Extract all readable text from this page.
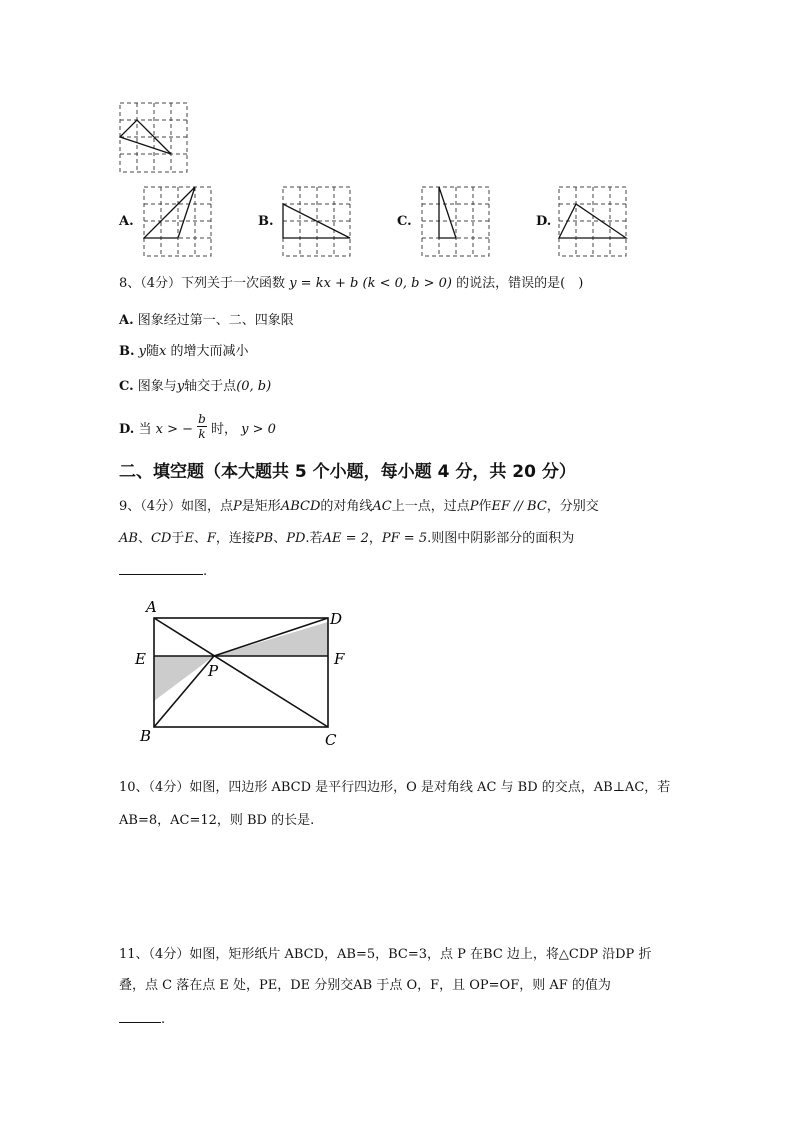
A.	B.	C.	D.
8、（4分）下列关于一次函数 y = kx + b (k < 0, b > 0) 的说法，错误的是(　)
A. 图象经过第一、二、四象限
B. y随x 的增大而减小
C. 图象与y轴交于点(0, b)
D. 当 x > − $\frac{b}{k}$ 时， y > 0
二、填空题（本大题共 5 个小题，每小题 4 分，共 20 分）
9、（4分）如图，点P是矩形ABCD的对角线AC上一点，过点P作EF // BC，分别交
AB、CD于E、F，连接PB、PD.若AE = 2，PF = 5.则图中阴影部分的面积为
.
A
D
E	F
P
B	C
10、（4分）如图，四边形 ABCD 是平行四边形，O 是对角线 AC 与 BD 的交点，AB⊥AC，若
AB=8，AC=12，则 BD 的长是.
11、（4分）如图，矩形纸片 ABCD，AB=5，BC=3，点 P 在BC 边上，将△CDP 沿DP 折
叠，点 C 落在点 E 处，PE，DE 分别交AB 于点 O，F，且 OP=OF，则 AF 的值为
.
